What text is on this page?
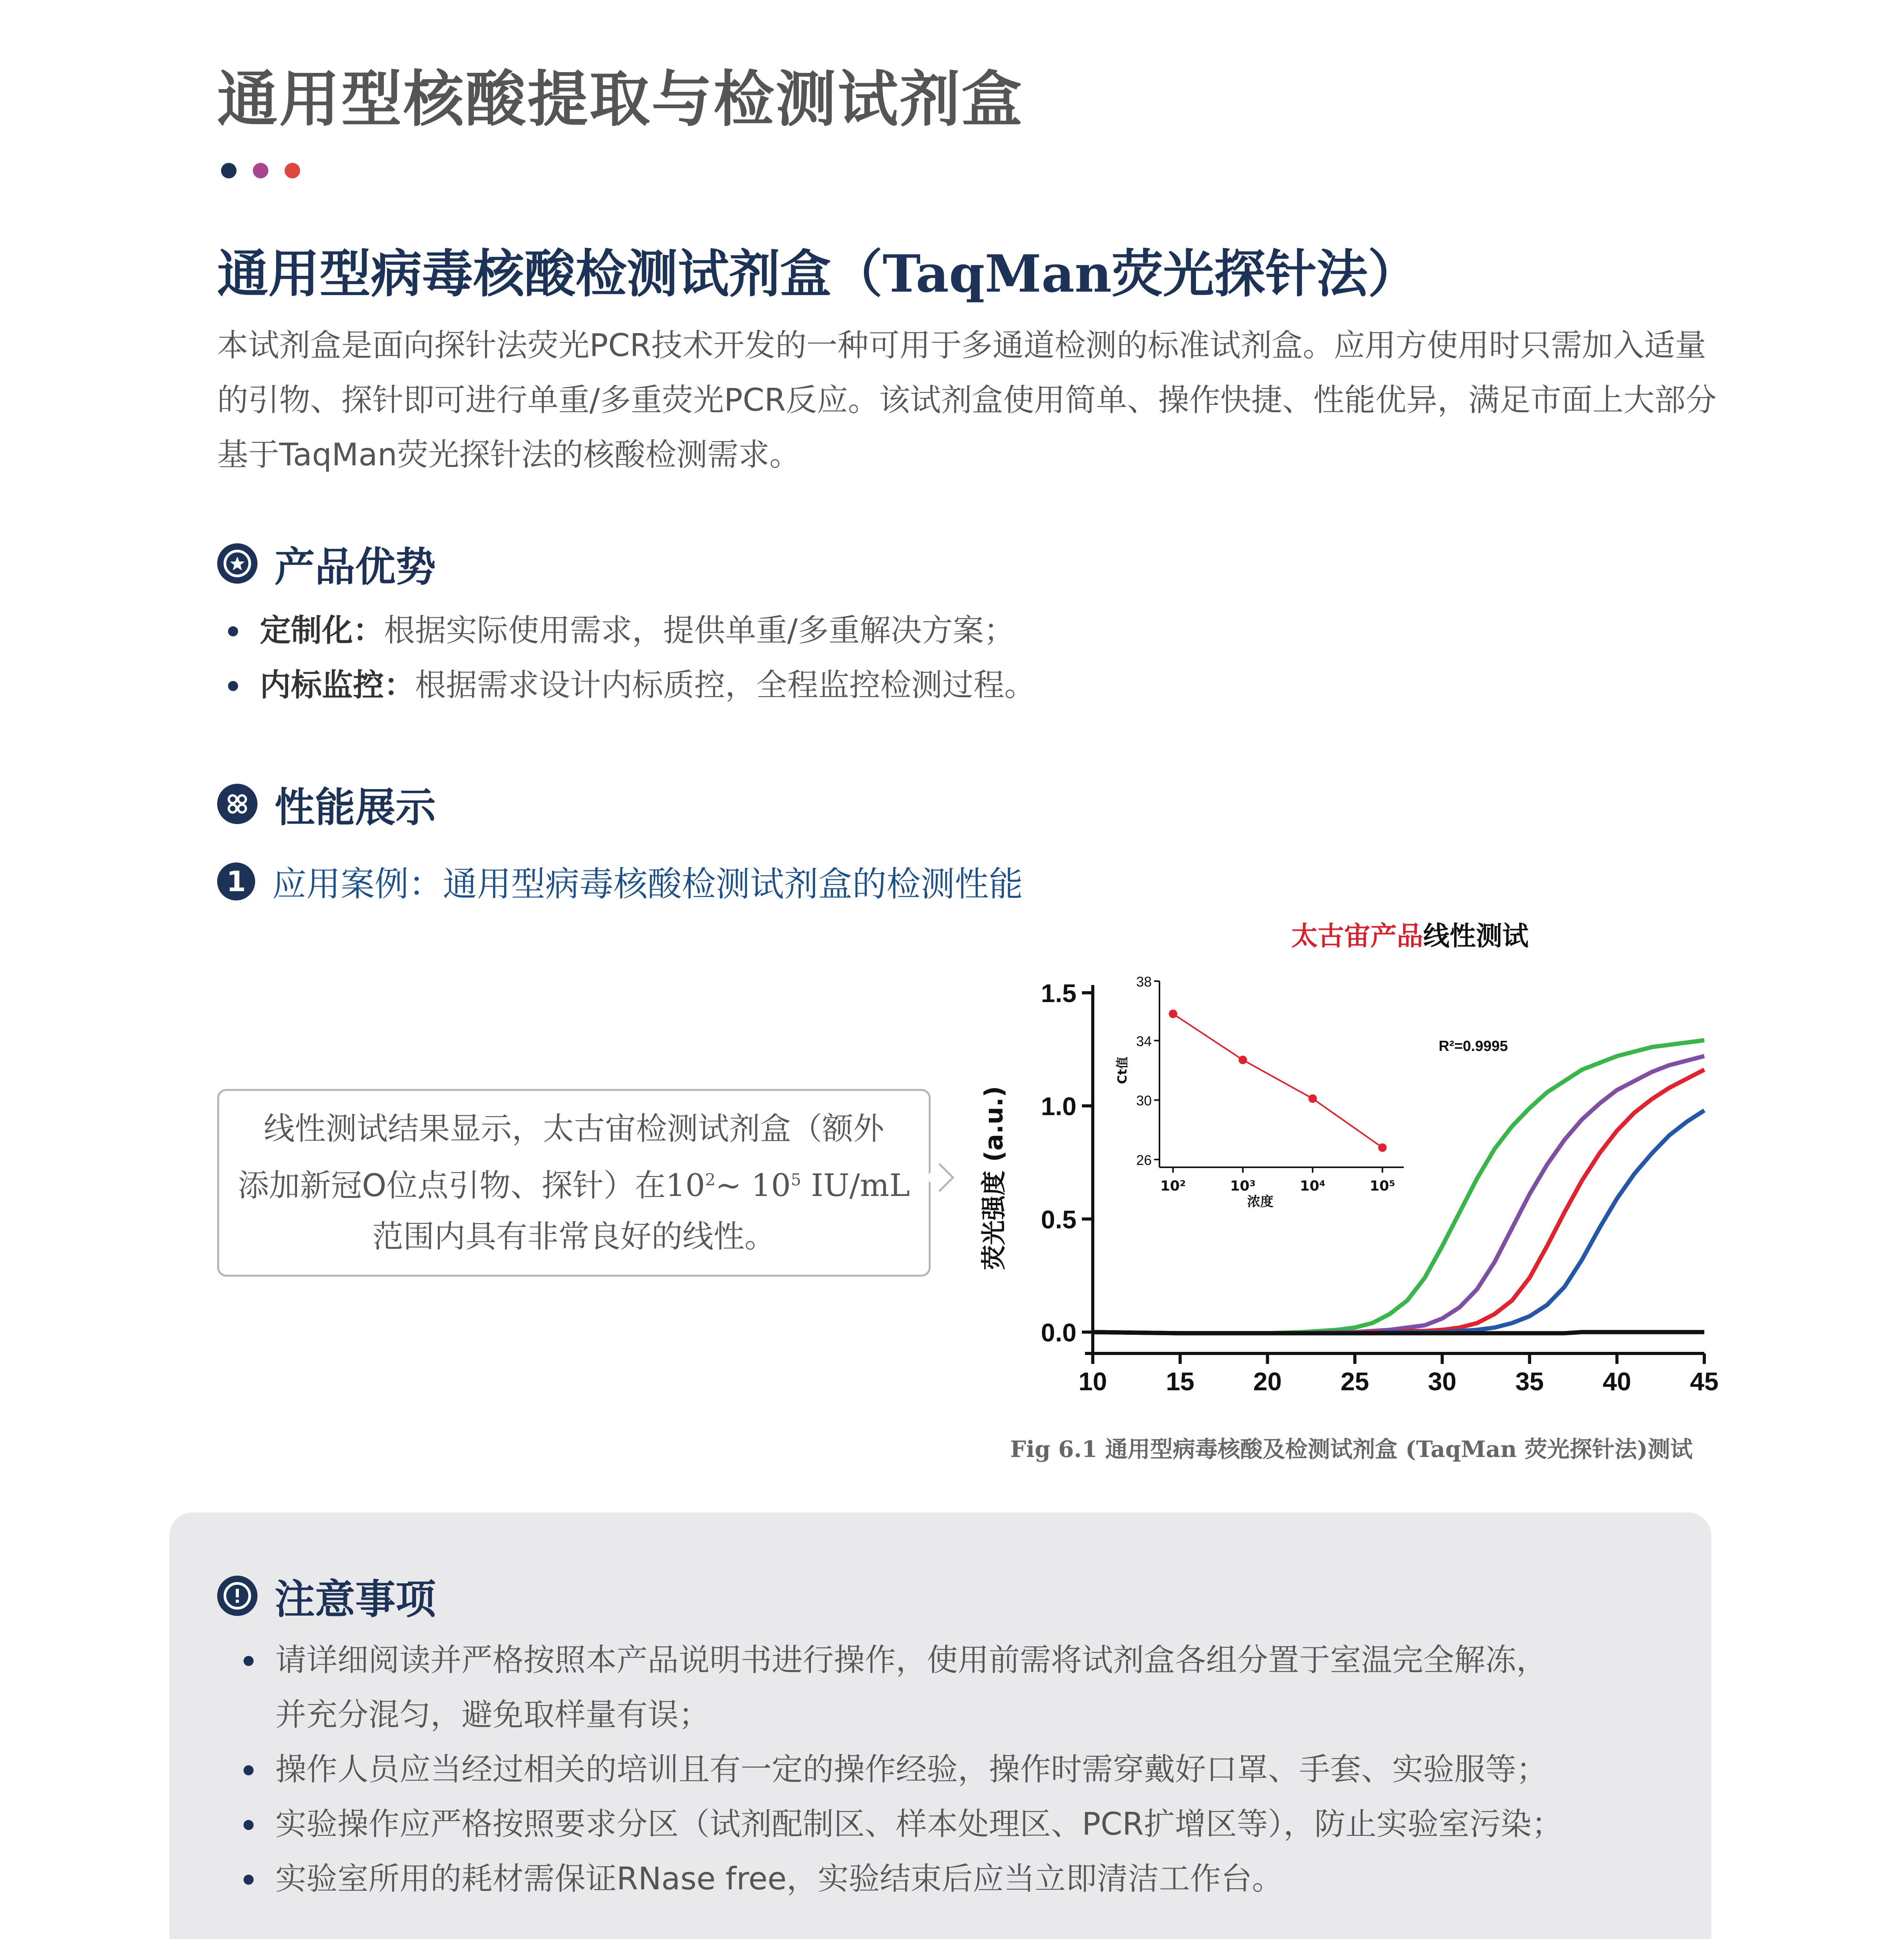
通用型核酸提取与检测试剂盒
通用型病毒核酸检测试剂盒（TaqMan荧光探针法）

本试剂盒是面向探针法荧光PCR技术开发的一种可用于多通道检测的标准试剂盒。应用方使用时只需加入适量的引物、探针即可进行单重/多重荧光PCR反应。该试剂盒使用简单、操作快捷、性能优异，满足市面上大部分基于TaqMan荧光探针法的核酸检测需求。

产品优势
定制化：根据实际使用需求，提供单重/多重解决方案；
内标监控：根据需求设计内标质控，全程监控检测过程。
性能展示
1 应用案例：通用型病毒核酸检测试剂盒的检测性能
线性测试结果显示，太古宙检测试剂盒（额外
添加新冠O位点引物、探针）在$10^2\sim$ $10^5$ IU/mL
范围内具有非常良好的线性。
太古宙产品线性测试
0.0
0.5
1.0
1.5
10 15 20 25 30 35 40 45
荧光强度 (a.u.)	26
30
34
38
10²	10³	10⁴	10⁵
浓度
Ct值
R²=0.9995
Fig 6.1 通用型病毒核酸及检测试剂盒 (TaqMan 荧光探针法)测试
注意事项
请详细阅读并严格按照本产品说明书进行操作，使用前需将试剂盒各组分置于室温完全解冻，
并充分混匀，避免取样量有误；
操作人员应当经过相关的培训且有一定的操作经验，操作时需穿戴好口罩、手套、实验服等；
实验操作应严格按照要求分区（试剂配制区、样本处理区、PCR扩增区等），防止实验室污染；
实验室所用的耗材需保证RNase free，实验结束后应当立即清洁工作台。
